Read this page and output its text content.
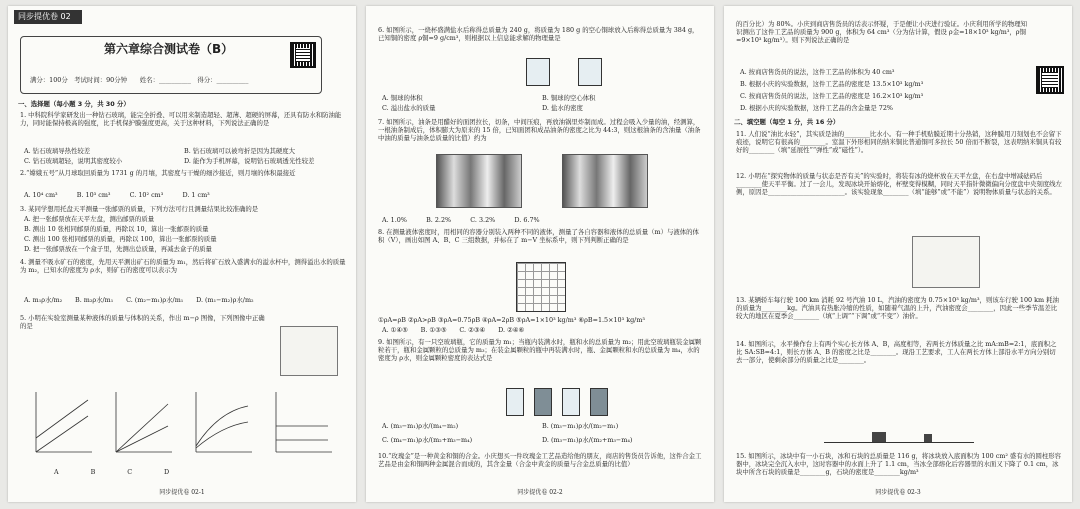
同步提优卷 02
第六章综合测试卷（B）
满分：100分　考试时间：90分钟　　姓名：__________　得分：__________
一、选择题（每小题 3 分，共 30 分）
1. 中科院科学家研发出一种钻石玻璃，能完全折叠、可以用来制造超轻、超薄、超硬的屏幕，还具有防水和防油能力，同时能保持极高的强度，比手机保护膜强度更高，关于这种材料，下列说法正确的是
A. 钻石玻璃导热性较差	B. 钻石玻璃可以被弯折是因为其硬度大
C. 钻石玻璃超轻，说明其密度较小	D. 能作为手机屏幕，说明钻石玻璃透光性较差
2.“嫦娥五号”从月球取回质量为 1731 g 的月壤，其密度与干燥的细沙接近，则月壤的体积最接近
A. 10⁴ cm³　　　B. 10³ cm³　　　C. 10² cm³　　　D. 1 cm³
3. 某同学想用托盘天平测量一张邮票的质量，下列方法可行且测量结果比较准确的是
A. 把一张邮票放在天平左盘，测出邮票的质量
B. 测出 10 张相同邮票的质量，再除以 10，算出一张邮票的质量
C. 测出 100 张相同邮票的质量，再除以 100，算出一张邮票的质量
D. 把一张邮票放在一个盒子里，先测出总质量，再减去盒子的质量
4. 测量不吸水矿石的密度，先用天平测出矿石的质量为 m₁，然后将矿石放入盛满水的溢水杯中，测得溢出水的质量为 m₂，已知水的密度为 ρ水，则矿石的密度可以表示为
A. m₁ρ水/m₂　　B. m₂ρ水/m₁　　C. (m₂−m₁)ρ水/m₁　　D. (m₁−m₂)ρ水/m₂
5. 小明在实验室测量某种液体的质量与体积的关系，作出 m−ρ 图像，下列图像中正确的是
A　　　　　B　　　　　C　　　　　D
同步提优卷 02-1
6. 如图所示，一烧杯盛满盐水后称得总质量为 240 g，将质量为 180 g 的空心铜球放入后称得总质量为 384 g，已知铜的密度 ρ铜=9 g/cm³，则根据以上信息能求解的物理量是
A. 铜球的体积	B. 铜球的空心体积
C. 溢出盐水的质量	D. 盐水的密度
7. 如图所示，油条是用醋好的面团拉长，切条，中间压痕，再放油锅里炸制而成。过程会吸入少量的油，经测算，一根油条制成后，体积膨大为原来的 15 倍，已知面团和成品油条的密度之比为 44:3，则这根油条的含油量（油条中油的质量与油条总质量的比值）约为
A. 1.0%　　　B. 2.2%　　　C. 3.2%　　　D. 6.7%
8. 在测量液体密度时，用相同的容器分别装入两种不同的液体，测量了各自容器和液体的总质量（m）与液体的体积（V），画出如图 A、B、C 三组数据，并标在了 m−V 坐标系中，则下列判断正确的是
①ρA=ρB ②ρA>ρB ③ρA=0.75ρB ④ρA=2ρB ⑤ρA=1×10³ kg/m³ ⑥ρB=1.5×10³ kg/m³
A. ①④⑤　　B. ①③⑤　　C. ②③④　　D. ②④⑥
9. 如图所示，有一只空玻璃瓶，它的质量为 m₁；当瓶内装满水时，瓶和水的总质量为 m₂；用此空玻璃瓶装金属颗粒若干，瓶和金属颗粒的总质量为 m₃；在装金属颗粒的瓶中再装满水时，瓶、金属颗粒和水的总质量为 m₄，水的密度为 ρ水，则金属颗粒密度的表达式是
A. (m₃−m₁)ρ水/(m₄−m₂)	B. (m₃−m₁)ρ水/(m₂−m₁)
C. (m₄−m₁)ρ水/(m₂+m₃−m₄)	D. (m₃−m₁)ρ水/(m₂+m₃−m₄)
10.“玫瑰金”是一种黄金和铜的合金。小庆想买一件玫瑰金工艺品造给他的朋友，商店的售货员告诉他，这件合金工艺品是由金和铜两种金属混合而成的，其含金量（合金中黄金的质量与合金总质量的比值）
同步提优卷 02-2
的百分比）为 80%。小庆到商店售货员的话表示怀疑，于是便让小庆进行验证。小庆利用所学的物理知识测出了这件工艺品的质量为 900 g，体积为 64 cm³（分为估计算，假设 ρ金=18×10³ kg/m³，ρ铜=9×10³ kg/m³）。则下列说法正确的是
A. 按商店售货员的说法，这件工艺品的体积为 40 cm³
B. 根据小庆的实验数据，这件工艺品的密度是 13.5×10³ kg/m³
C. 按商店售货员的说法，这件工艺品的密度是 16.2×10³ kg/m³
D. 根据小庆的实验数据，这件工艺品的含金量是 72%
二、填空题（每空 1 分，共 16 分）
11. 人们说“油比水轻”，其实质是油的________比水小。有一种手机贴膜近期十分热销，这种膜用刀刻划也不会留下痕迹，说明它有很高的________。室温下外形相同的纳米铜比普通铜可多拉长 50 倍而不断裂，这表明纳米铜具有较好的________（填“延展性”“弹性”或“磁性”）。
12. 小明在“探究物体的质量与状态是否有关”的实验时，将装有冰的烧杯放在天平左盘，在右盘中增减砝码后________使天平平衡。过了一会儿，发现冰块开始熔化，杯壁变得模糊，同时天平指针微微偏向分度盘中央刻度线左侧，原因是________________________。该实验现象________（填“能够”或“不能”）说明物体质量与状态的关系。
13. 某辆轿车每行驶 100 km 消耗 92 号汽油 10 L，汽油的密度为 0.75×10³ kg/m³，则该车行驶 100 km 耗油的质量为________kg。汽油具有热胀冷缩的性质，如随着气温的上升，汽油密度会________，因此一些季节温差比较大的地区在夏季会________（填“上调”“下调”或“不变”）油价。
14. 如图所示，水平操作台上有两个实心长方体 A、B，高度相等，若两长方体质量之比 mA:mB=2:1，底面积之比 SA:SB=4:1，则长方体 A、B 的密度之比是________。现沿工艺要求，工人在两长方体上部沿水平方向分别切去一部分，使剩余部分的质量之比是________。
15. 如图所示，冰块中有一小石块，冰和石块的总质量是 116 g，将冰块放入底面积为 100 cm² 盛有水的圆柱形容器中，冰块完全沉入水中，这时容器中的水面上升了 1.1 cm，当冰全部熔化后容器里的水面又下降了 0.1 cm，冰块中所含石块的质量是________g，石块的密度是________kg/m³
同步提优卷 02-3
